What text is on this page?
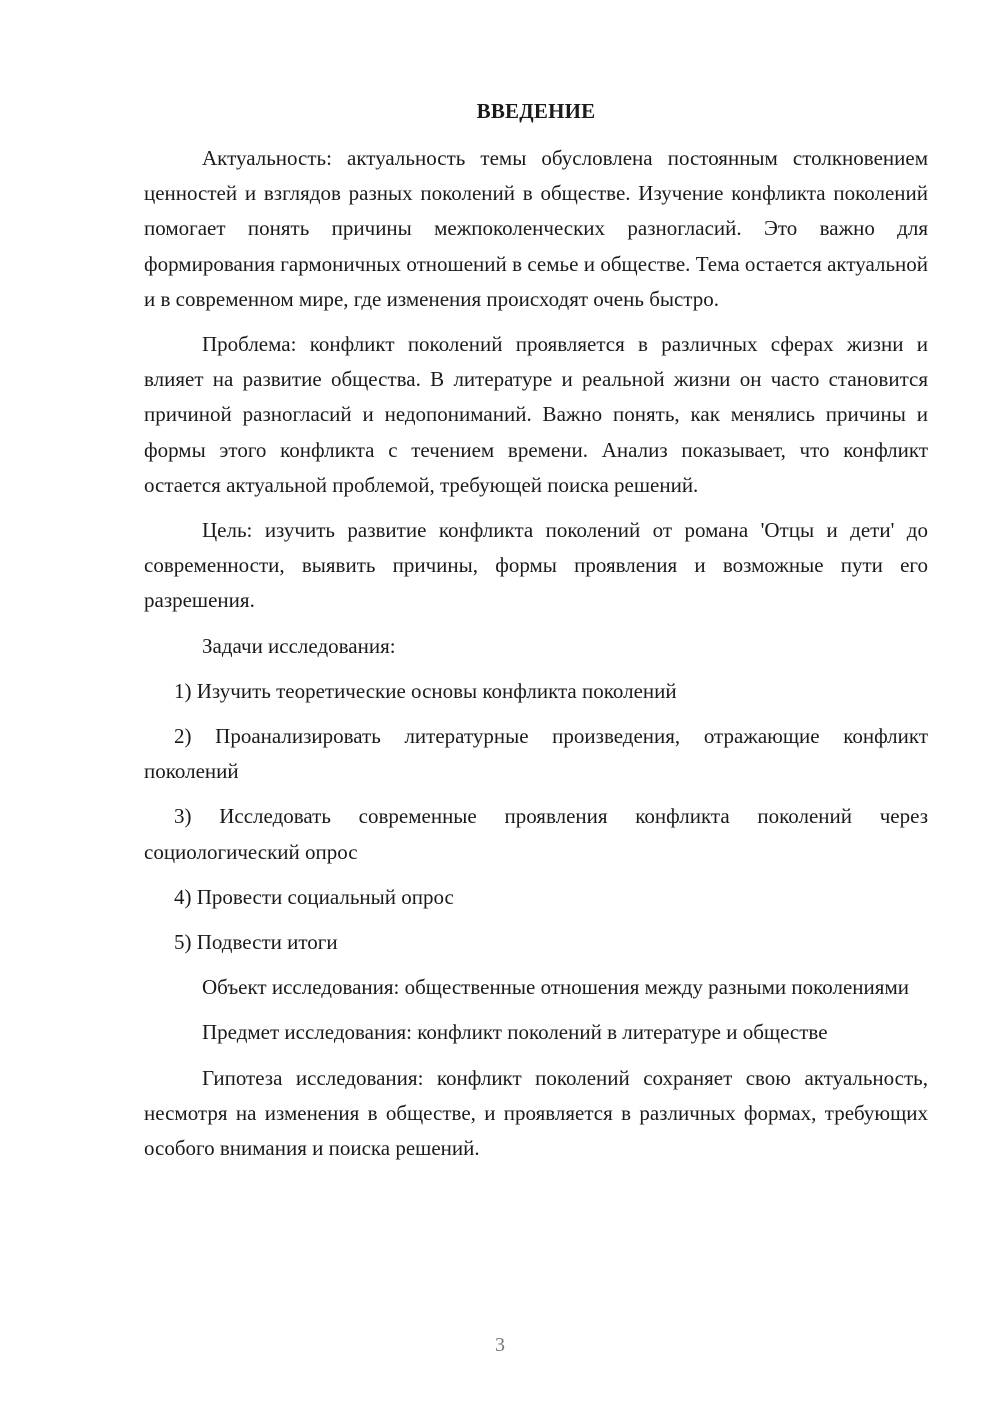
ВВЕДЕНИЕ

Актуальность: актуальность темы обусловлена постоянным столкновением ценностей и взглядов разных поколений в обществе. Изучение конфликта поколений помогает понять причины межпоколенческих разногласий. Это важно для формирования гармоничных отношений в семье и обществе. Тема остается актуальной и в современном мире, где изменения происходят очень быстро.

Проблема: конфликт поколений проявляется в различных сферах жизни и влияет на развитие общества. В литературе и реальной жизни он часто становится причиной разногласий и недопониманий. Важно понять, как менялись причины и формы этого конфликта с течением времени. Анализ показывает, что конфликт остается актуальной проблемой, требующей поиска решений.

Цель: изучить развитие конфликта поколений от романа 'Отцы и дети' до современности, выявить причины, формы проявления и возможные пути его разрешения.

Задачи исследования:

1) Изучить теоретические основы конфликта поколений

2) Проанализировать литературные произведения, отражающие конфликт поколений

3) Исследовать современные проявления конфликта поколений через социологический опрос

4) Провести социальный опрос

5) Подвести итоги

Объект исследования: общественные отношения между разными поколениями

Предмет исследования: конфликт поколений в литературе и обществе

Гипотеза исследования: конфликт поколений сохраняет свою актуальность, несмотря на изменения в обществе, и проявляется в различных формах, требующих особого внимания и поиска решений.

3
